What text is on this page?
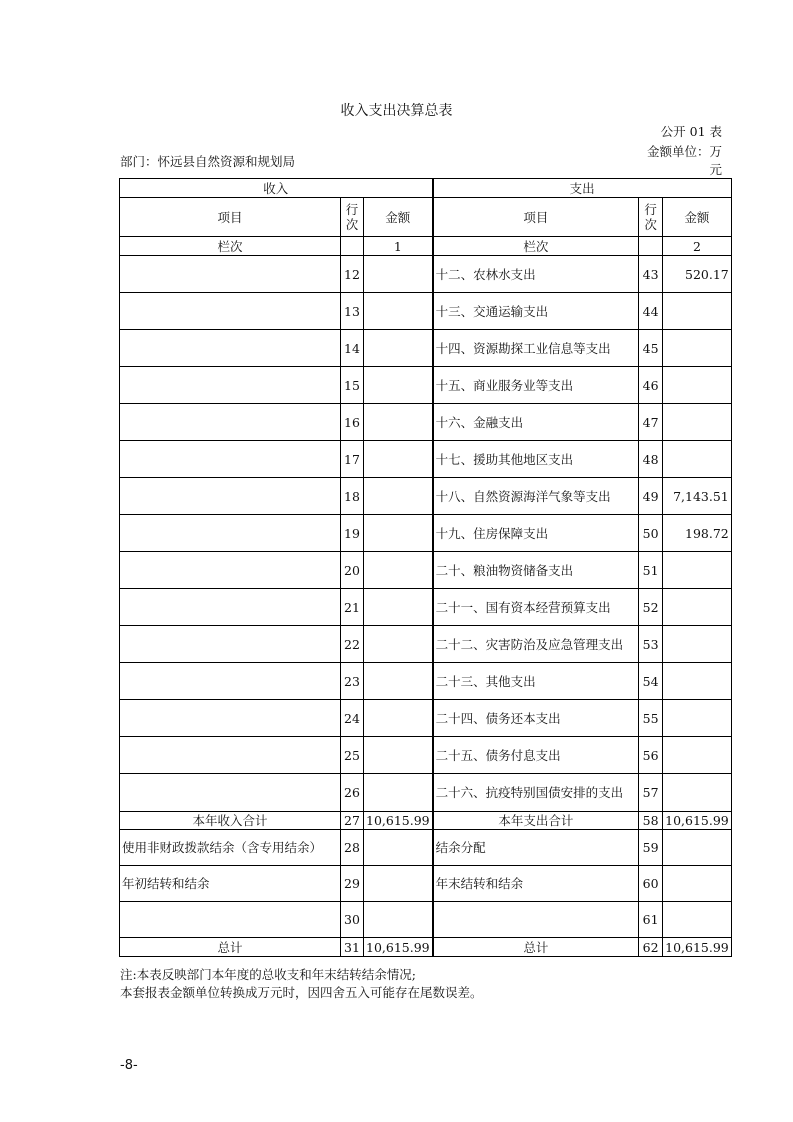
收入支出决算总表
公开 01 表
部门：怀远县自然资源和规划局
金额单位：万
元
收入			支出		
项目	行次	金额	项目	行次	金额
栏次		1	栏次		2
	12		十二、农林水支出	43	520.17
	13		十三、交通运输支出	44	
	14		十四、资源勘探工业信息等支出	45	
	15		十五、商业服务业等支出	46	
	16		十六、金融支出	47	
	17		十七、援助其他地区支出	48	
	18		十八、自然资源海洋气象等支出	49	7,143.51
	19		十九、住房保障支出	50	198.72
	20		二十、粮油物资储备支出	51	
	21		二十一、国有资本经营预算支出	52	
	22		二十二、灾害防治及应急管理支出	53	
	23		二十三、其他支出	54	
	24		二十四、债务还本支出	55	
	25		二十五、债务付息支出	56	
	26		二十六、抗疫特别国债安排的支出	57	
本年收入合计	27	10,615.99	本年支出合计	58	10,615.99
使用非财政拨款结余（含专用结余）	28		结余分配	59	
年初结转和结余	29		年末结转和结余	60	
	30			61	
总计	31	10,615.99	总计	62	10,615.99
注:本表反映部门本年度的总收支和年末结转结余情况;
本套报表金额单位转换成万元时，因四舍五入可能存在尾数误差。
-8-
